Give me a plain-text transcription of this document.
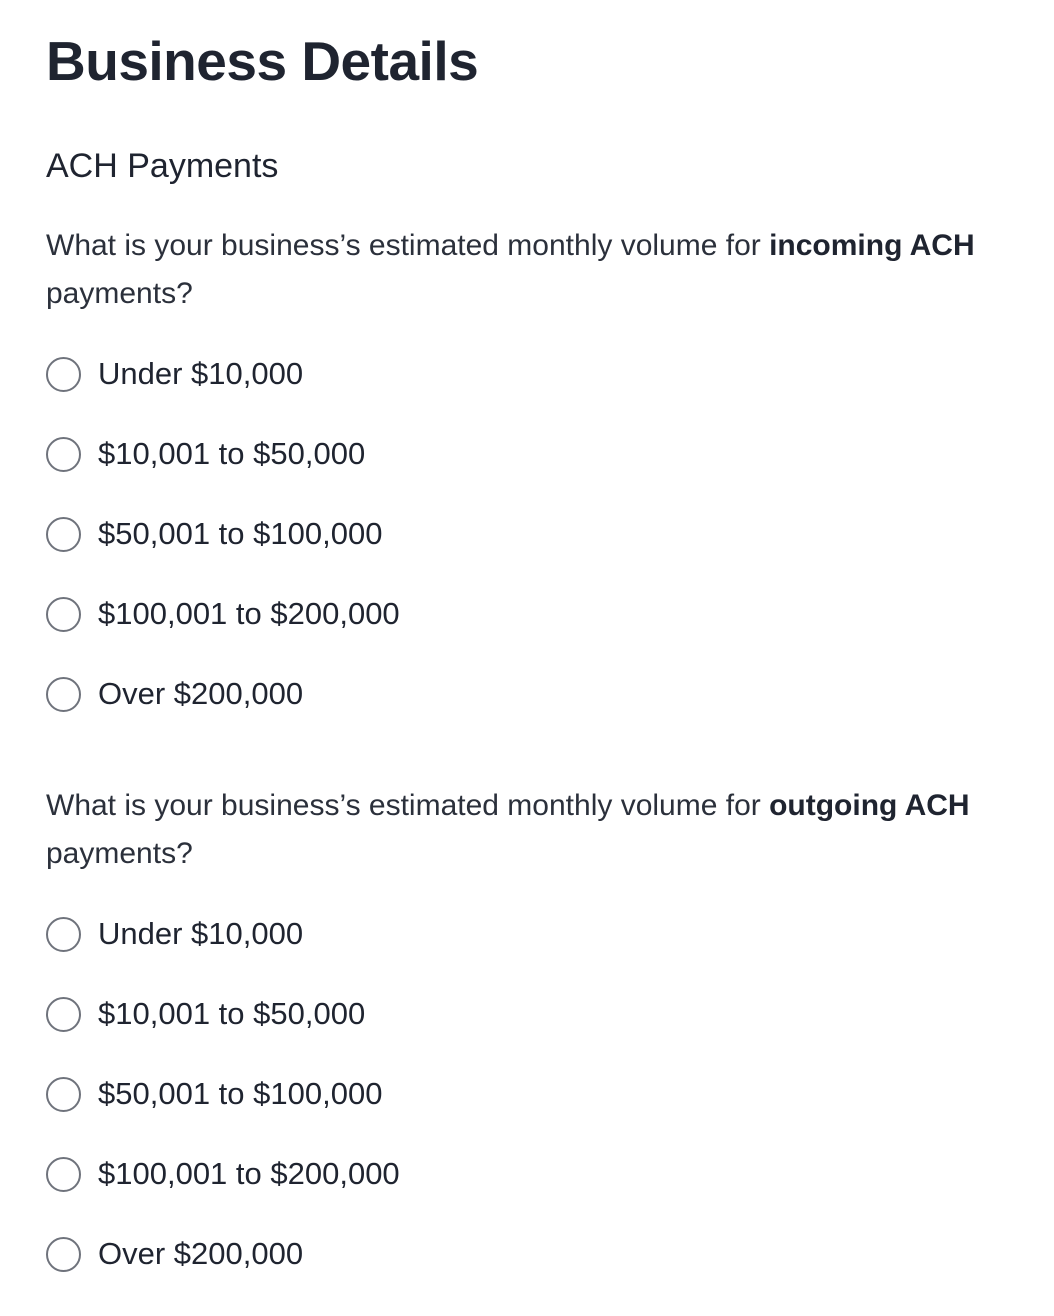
Business Details
ACH Payments

What is your business’s estimated monthly volume for incoming ACH payments?

Under $10,000
$10,001 to $50,000
$50,001 to $100,000
$100,001 to $200,000
Over $200,000

What is your business’s estimated monthly volume for outgoing ACH payments?

Under $10,000
$10,001 to $50,000
$50,001 to $100,000
$100,001 to $200,000
Over $200,000
